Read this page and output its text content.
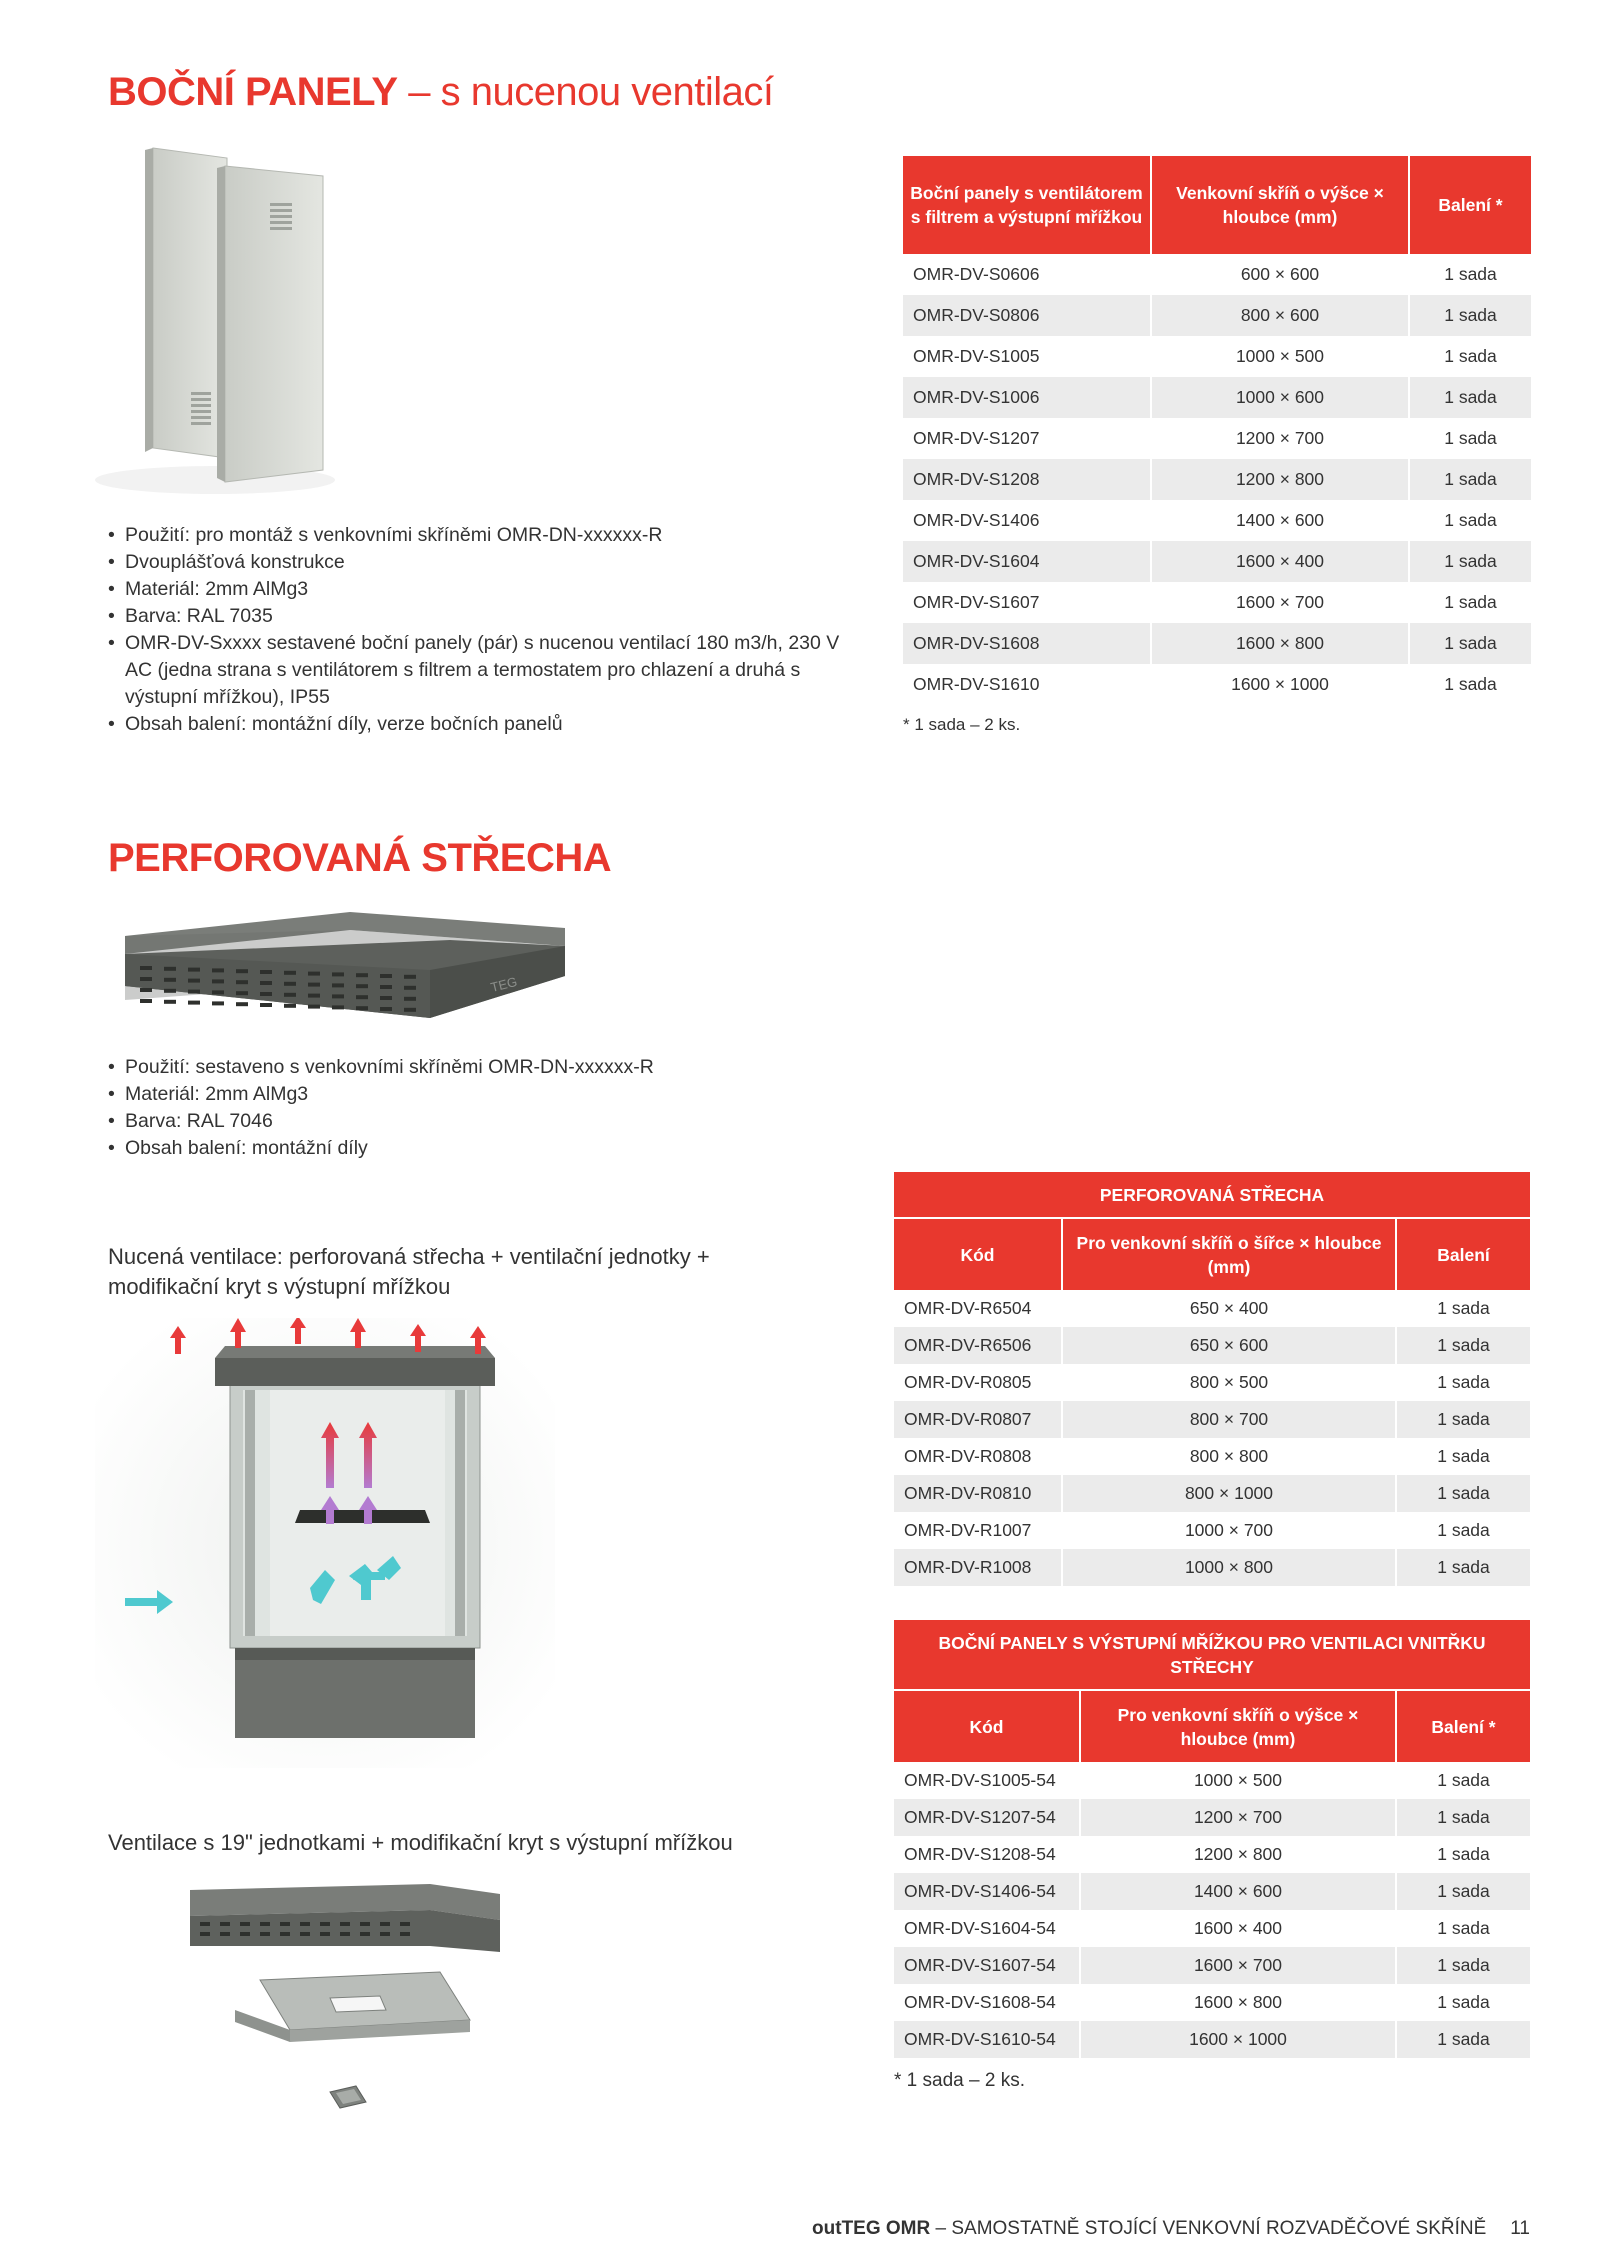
BOČNÍ PANELY – s nucenou ventilací
• Použití: pro montáž s venkovními skříněmi OMR-DN-xxxxxx-R
• Dvouplášťová konstrukce
• Materiál: 2mm AlMg3
• Barva: RAL 7035
• OMR-DV-Sxxxx sestavené boční panely (pár) s nucenou ventilací 180 m3/h, 230 V AC (jedna strana s ventilátorem s filtrem a termostatem pro chlazení a druhá s výstupní mřížkou), IP55
• Obsah balení: montážní díly, verze bočních panelů
Boční panely s ventilátorem s filtrem a výstupní mřížkou	Venkovní skříň o výšce × hloubce (mm)	Balení *
OMR-DV-S0606	600 × 600	1 sada
OMR-DV-S0806	800 × 600	1 sada
OMR-DV-S1005	1000 × 500	1 sada
OMR-DV-S1006	1000 × 600	1 sada
OMR-DV-S1207	1200 × 700	1 sada
OMR-DV-S1208	1200 × 800	1 sada
OMR-DV-S1406	1400 × 600	1 sada
OMR-DV-S1604	1600 × 400	1 sada
OMR-DV-S1607	1600 × 700	1 sada
OMR-DV-S1608	1600 × 800	1 sada
OMR-DV-S1610	1600 × 1000	1 sada
* 1 sada – 2 ks.
PERFOROVANÁ STŘECHA
TEG
• Použití: sestaveno s venkovními skříněmi OMR-DN-xxxxxx-R
• Materiál: 2mm AlMg3
• Barva: RAL 7046
• Obsah balení: montážní díly
Nucená ventilace: perforovaná střecha + ventilační jednotky + modifikační kryt s výstupní mřížkou
Ventilace s 19" jednotkami + modifikační kryt s výstupní mřížkou
PERFOROVANÁ STŘECHA		
Kód	Pro venkovní skříň o šířce × hloubce (mm)	Balení
OMR-DV-R6504	650 × 400	1 sada
OMR-DV-R6506	650 × 600	1 sada
OMR-DV-R0805	800 × 500	1 sada
OMR-DV-R0807	800 × 700	1 sada
OMR-DV-R0808	800 × 800	1 sada
OMR-DV-R0810	800 × 1000	1 sada
OMR-DV-R1007	1000 × 700	1 sada
OMR-DV-R1008	1000 × 800	1 sada
BOČNÍ PANELY S VÝSTUPNÍ MŘÍŽKOU PRO VENTILACI VNITŘKU STŘECHY		
Kód	Pro venkovní skříň o výšce × hloubce (mm)	Balení *
OMR-DV-S1005-54	1000 × 500	1 sada
OMR-DV-S1207-54	1200 × 700	1 sada
OMR-DV-S1208-54	1200 × 800	1 sada
OMR-DV-S1406-54	1400 × 600	1 sada
OMR-DV-S1604-54	1600 × 400	1 sada
OMR-DV-S1607-54	1600 × 700	1 sada
OMR-DV-S1608-54	1600 × 800	1 sada
OMR-DV-S1610-54	1600 × 1000	1 sada
* 1 sada – 2 ks.
outTEG OMR – SAMOSTATNĚ STOJÍCÍ VENKOVNÍ ROZVADĚČOVÉ SKŘÍNĚ 11
